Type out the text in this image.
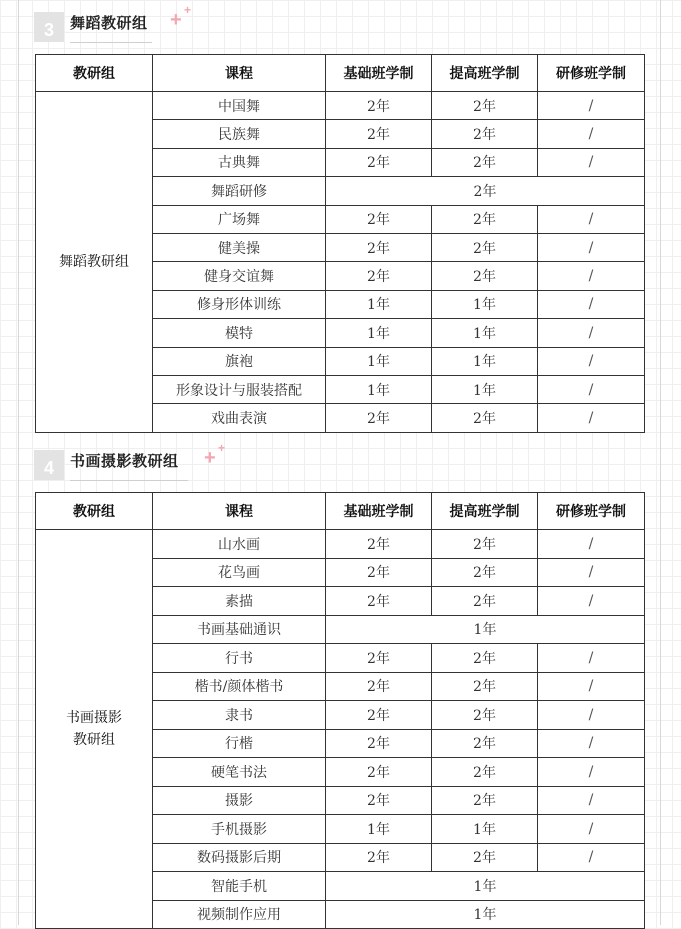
3	舞蹈教研组 + +
教研组	课程	基础班学制	提高班学制	研修班学制
舞蹈教研组	中国舞	2年	2年	/
	民族舞	2年	2年	/
	古典舞	2年	2年	/
	舞蹈研修	2年		
	广场舞	2年	2年	/
	健美操	2年	2年	/
	健身交谊舞	2年	2年	/
	修身形体训练	1年	1年	/
	模特	1年	1年	/
	旗袍	1年	1年	/
	形象设计与服装搭配	1年	1年	/
	戏曲表演	2年	2年	/
4	书画摄影教研组 + +
教研组	课程	基础班学制	提高班学制	研修班学制

书画摄影
教研组	山水画	2年	2年	/
	花鸟画	2年	2年	/
	素描	2年	2年	/
	书画基础通识	1年		
	行书	2年	2年	/
	楷书/颜体楷书	2年	2年	/
	隶书	2年	2年	/
	行楷	2年	2年	/
	硬笔书法	2年	2年	/
	摄影	2年	2年	/
	手机摄影	1年	1年	/
	数码摄影后期	2年	2年	/
	智能手机	1年		
	视频制作应用	1年		
